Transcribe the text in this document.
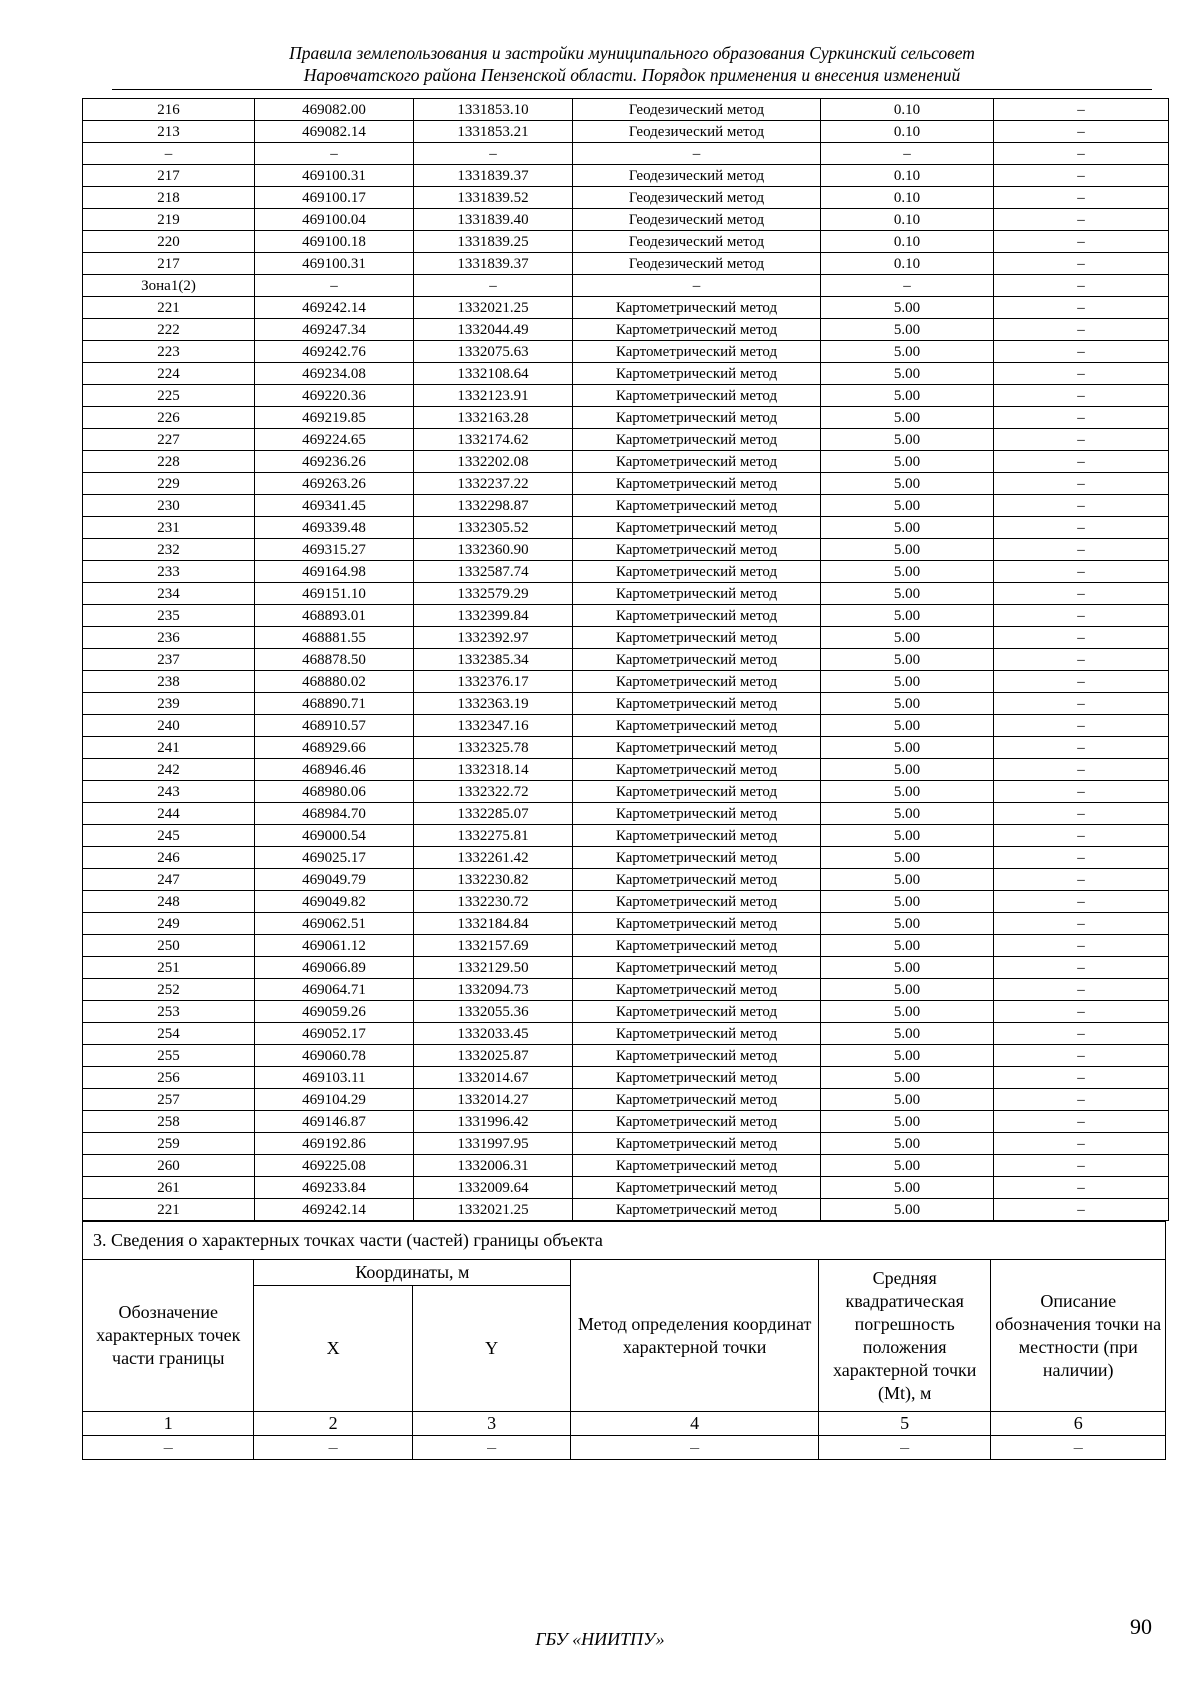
Правила землепользования и застройки муниципального образования Суркинский сельсовет
Наровчатского района Пензенской области. Порядок применения и внесения изменений
216	469082.00	1331853.10	Геодезический метод	0.10	–
213	469082.14	1331853.21	Геодезический метод	0.10	–
–	–	–	–	–	–
217	469100.31	1331839.37	Геодезический метод	0.10	–
218	469100.17	1331839.52	Геодезический метод	0.10	–
219	469100.04	1331839.40	Геодезический метод	0.10	–
220	469100.18	1331839.25	Геодезический метод	0.10	–
217	469100.31	1331839.37	Геодезический метод	0.10	–
Зона1(2)	–	–	–	–	–
221	469242.14	1332021.25	Картометрический метод	5.00	–
222	469247.34	1332044.49	Картометрический метод	5.00	–
223	469242.76	1332075.63	Картометрический метод	5.00	–
224	469234.08	1332108.64	Картометрический метод	5.00	–
225	469220.36	1332123.91	Картометрический метод	5.00	–
226	469219.85	1332163.28	Картометрический метод	5.00	–
227	469224.65	1332174.62	Картометрический метод	5.00	–
228	469236.26	1332202.08	Картометрический метод	5.00	–
229	469263.26	1332237.22	Картометрический метод	5.00	–
230	469341.45	1332298.87	Картометрический метод	5.00	–
231	469339.48	1332305.52	Картометрический метод	5.00	–
232	469315.27	1332360.90	Картометрический метод	5.00	–
233	469164.98	1332587.74	Картометрический метод	5.00	–
234	469151.10	1332579.29	Картометрический метод	5.00	–
235	468893.01	1332399.84	Картометрический метод	5.00	–
236	468881.55	1332392.97	Картометрический метод	5.00	–
237	468878.50	1332385.34	Картометрический метод	5.00	–
238	468880.02	1332376.17	Картометрический метод	5.00	–
239	468890.71	1332363.19	Картометрический метод	5.00	–
240	468910.57	1332347.16	Картометрический метод	5.00	–
241	468929.66	1332325.78	Картометрический метод	5.00	–
242	468946.46	1332318.14	Картометрический метод	5.00	–
243	468980.06	1332322.72	Картометрический метод	5.00	–
244	468984.70	1332285.07	Картометрический метод	5.00	–
245	469000.54	1332275.81	Картометрический метод	5.00	–
246	469025.17	1332261.42	Картометрический метод	5.00	–
247	469049.79	1332230.82	Картометрический метод	5.00	–
248	469049.82	1332230.72	Картометрический метод	5.00	–
249	469062.51	1332184.84	Картометрический метод	5.00	–
250	469061.12	1332157.69	Картометрический метод	5.00	–
251	469066.89	1332129.50	Картометрический метод	5.00	–
252	469064.71	1332094.73	Картометрический метод	5.00	–
253	469059.26	1332055.36	Картометрический метод	5.00	–
254	469052.17	1332033.45	Картометрический метод	5.00	–
255	469060.78	1332025.87	Картометрический метод	5.00	–
256	469103.11	1332014.67	Картометрический метод	5.00	–
257	469104.29	1332014.27	Картометрический метод	5.00	–
258	469146.87	1331996.42	Картометрический метод	5.00	–
259	469192.86	1331997.95	Картометрический метод	5.00	–
260	469225.08	1332006.31	Картометрический метод	5.00	–
261	469233.84	1332009.64	Картометрический метод	5.00	–
221	469242.14	1332021.25	Картометрический метод	5.00	–
3. Сведения о характерных точках части (частей) границы объекта					
Обозначение характерных точек части границы	Координаты, м		Метод определения координат характерной точки	Средняя квадратическая погрешность положения характерной точки (Mt), м	Описание обозначения точки на местности (при наличии)
	X	Y			
1	2	3	4	5	6
–	–	–	–	–	–
ГБУ «НИИТПУ»	90
